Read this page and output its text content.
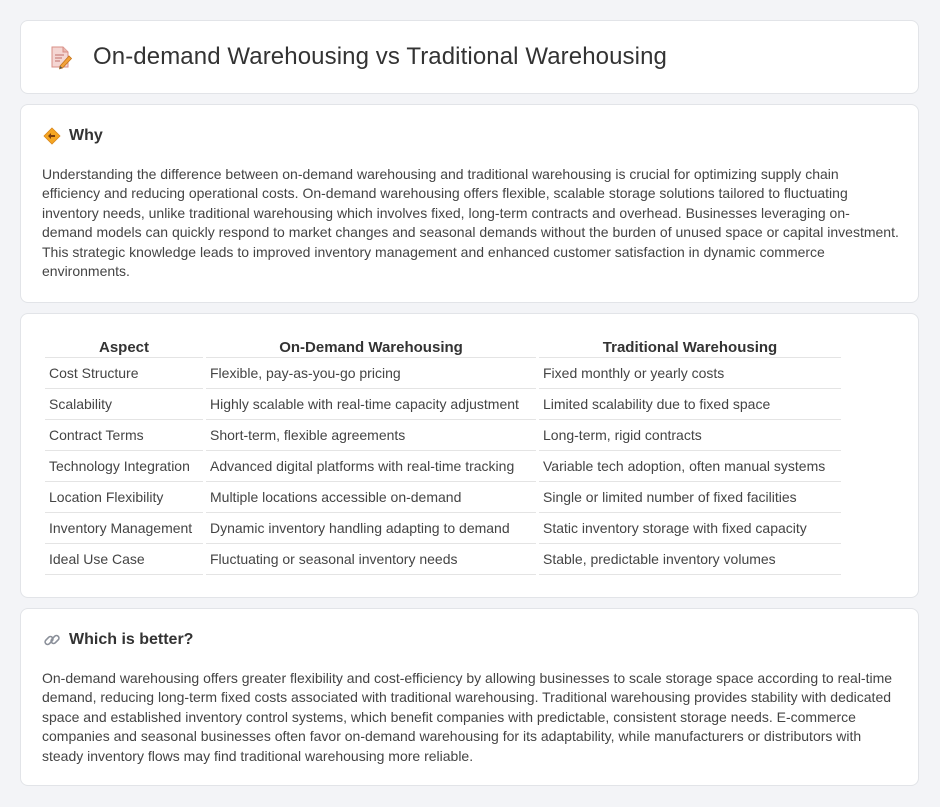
On-demand Warehousing vs Traditional Warehousing
Why

Understanding the difference between on-demand warehousing and traditional warehousing is crucial for optimizing supply chain efficiency and reducing operational costs. On-demand warehousing offers flexible, scalable storage solutions tailored to fluctuating inventory needs, unlike traditional warehousing which involves fixed, long-term contracts and overhead. Businesses leveraging on-demand models can quickly respond to market changes and seasonal demands without the burden of unused space or capital investment. This strategic knowledge leads to improved inventory management and enhanced customer satisfaction in dynamic commerce environments.

Aspect	On-Demand Warehousing	Traditional Warehousing
Cost Structure	Flexible, pay-as-you-go pricing	Fixed monthly or yearly costs
Scalability	Highly scalable with real-time capacity adjustment	Limited scalability due to fixed space
Contract Terms	Short-term, flexible agreements	Long-term, rigid contracts
Technology Integration	Advanced digital platforms with real-time tracking	Variable tech adoption, often manual systems
Location Flexibility	Multiple locations accessible on-demand	Single or limited number of fixed facilities
Inventory Management	Dynamic inventory handling adapting to demand	Static inventory storage with fixed capacity
Ideal Use Case	Fluctuating or seasonal inventory needs	Stable, predictable inventory volumes
Which is better?

On-demand warehousing offers greater flexibility and cost-efficiency by allowing businesses to scale storage space according to real-time demand, reducing long-term fixed costs associated with traditional warehousing. Traditional warehousing provides stability with dedicated space and established inventory control systems, which benefit companies with predictable, consistent storage needs. E-commerce companies and seasonal businesses often favor on-demand warehousing for its adaptability, while manufacturers or distributors with steady inventory flows may find traditional warehousing more reliable.
